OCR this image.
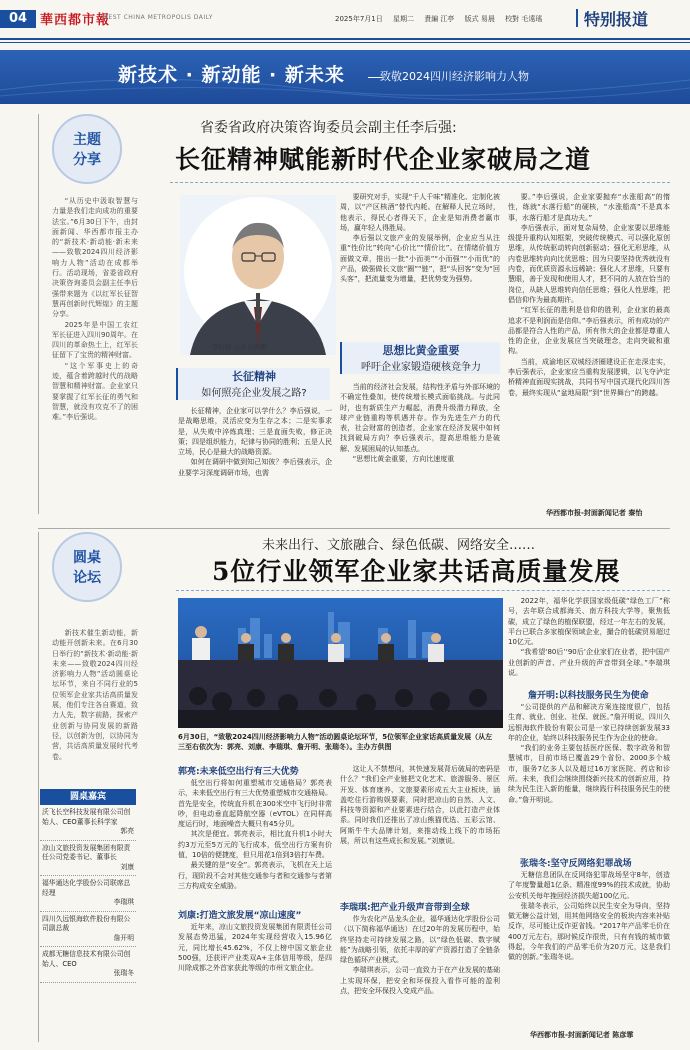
04 華西都市報
WEST CHINA METROPOLIS DAILY	2025年7月1日 星期二 責編 江亭 版式 易晨 校對 毛遠瑤	特别报道
新技术 · 新动能 · 新未来	致敬2024四川经济影响力人物
主题
分享
省委省政府决策咨询委员会副主任李后强:
长征精神赋能新时代企业家破局之道

“从历史中汲取智慧与力量是我们走向成功的重要法宝。”6月30日下午，由封面新闻、华西都市报主办的“新技术·新动能·新未来——致敬2024四川经济影响力人物”活动在成都举行。活动现场，省委省政府决策咨询委员会副主任李后强带来题为《以红军长征智慧再创新时代辉煌》的主题分享。

2025年是中国工农红军长征进入四川90周年。在四川的革命热土上，红军长征留下了宝贵的精神财富。

“这个军事史上的奇迹，蕴含着跨越时代的战略智慧和精神财富。企业家只要掌握了红军长征的勇气和智慧，就没有攻克不了的困难。”李后强说。

李后强 主办方供图
长征精神
如何照亮企业发展之路?

长征精神，企业家可以学什么？李后强说，一是战略思维，灵活应变为生存之本；二是实事求是，从失败中淬炼真理；三是直面失败，修正决策；四是组织能力，纪律与协同的胜利；五是人民立场，民心是最大的战略资源。

如何在调研中做到知己知彼？李后强表示，企业要学习深度调研市场，也需

要研究对手，实现“千人千味”精准化、定制化被周，以“产区核酒”替代内耗。在解释人民立场时，他表示，得民心者得天下，企业是知消费者赢市场，赢年轻人得胜局。

李后强以文旅产业的发展举例，企业应当从注重“性价比”转向“心价比”“情价比”。在情绪价值方面做文章，推出一批“小而美”“小而强”“小而优”的产品，做强做长文旅“圈”“链”，把“头回客”变为“回头客”，把流量变为增量，把优势变为强势。

思想比黄金重要
呼吁企业家锻造硬核竞争力

当前的经济社会发展，结构性矛盾与外部环境的不确定性叠加，使传统增长模式面临挑战。与此同时，也有新质生产力崛起，消费升级潜力释放，全球产业链重构等机遇并存。作为先进生产力的代表，社会财富的创造者，企业家在经济发展中如何找到破局方向？李后强表示，提高思维能力是破解、发展困局的认知基点。

“思想比黄金重要，方向比速度重

要。”李后强说，企业家要抛弃“水涨船高”的惰性，练就“水落行船”的硬核，“水涨船高”不是真本事，水落行船才是真功夫。”

李后强表示，面对复杂局势，企业家要以思维能级提升重构认知框架，突破传统模式、可以强化原创思维，从传统驱动转向创新驱动；强化无形思维，从内卷思维转向向比优思维；因为只要坚持优秀就没有内卷，而优质资源永远稀缺；强化人才思维，只要有慧眼，善于发现和使用人才，把不同的人放在恰当的岗位，从缺人思维转向信任思维；强化人性思维，把倡信仰作为最高期许。

“红军长征的胜利是信仰的胜利，企业家的最高追求不是利润而是信仰。”李后强表示，所有成功的产品都是符合人性的产品，所有伟大的企业都是尊重人性的企业，企业发展应当突破理念，走向突破和重构。

当前，成渝地区双城经济圈建设正在走深走实，李后强表示，企业家应当重构发展逻辑，以飞夺泸定桥精神直面现实挑战，共同书写中国式现代化四川答卷，最终实现从“盆地局限”到“世界舞台”的跨越。

华西都市报-封面新闻记者 秦怡
圆桌
论坛
未来出行、文旅融合、绿色低碳、网络安全……
5位行业领军企业家共话高质量发展

新技术催生新动能，新动能开创新未来。在6月30日举行的“新技术·新动能·新未来——致敬2024四川经济影响力人物”活动圆桌论坛环节，来自不同行业的5位领军企业家共话高质量发展，他们专注各自赛道，致力人先，数字前路，探索产业创新与协同发展的新路径，以创新为创，以协同为营，共话高质量发展时代考卷。

圆桌嘉宾
沃飞长空科技发展有限公司创始人、CEO董事长科学家
郭亮
凉山文旅投资发展集团有限责任公司党委书记、董事长
刘康
福华通达化学股份公司联席总经理
李瑞琪
四川久远银海软件股份有限公司副总裁
詹开明
成都无糖信息技术有限公司创始人、CEO
张瑞冬
6月30日，“致敬2024四川经济影响力人物”活动圆桌论坛环节，5位领军企业家话高质量发展（从左三至右依次为：郭亮、刘康、李瑞琪、詹开明、张瑞冬）。主办方供图
郭亮:未来低空出行有三大优势

低空出行将如何重塑城市交通格局？郭亮表示，未来低空出行有三大优势重塑城市交通格局。首先是安全，传统直升机在300米空中飞行时非常吵，但电动垂直起降航空器（eVTOL）在同样高度运行时，地面噪音大概只有45分贝。

其次是便宜。郭亮表示，相比直升机1小时大约3万元至5万元的飞行成本，低空出行方案有价值，10倍的便捷度，但只用花1倍到3倍打车费。

最关键的是“安全”。郭亮表示，飞机在天上运行，现阶段不会对其他交通参与者和交通参与者第三方构成安全威胁。

刘康:打造文旅发展“凉山速度”

近年来，凉山文旅投资发展集团有限责任公司发展态势迅猛，2024年实现经营收入15.96亿元，同比增长45.62%，不仅上榜中国文旅企业500强，还获评产业类双A+主体信用等级，是四川除成都之外首家获此等级的市州文旅企业。

这让人不禁想问，其快速发展背后破局的密码是什么？“我们全产业链把文化艺术、旅游服务、景区开发、体育康养、文旅要素形成五大主业板块，涵盖吃住行游购娱要素，同时把凉山的自然、人文、科技等资源和产业要素进行结合，以此打造产业体系。同时我们还推出了凉山熊猫优选、五彩云馆、阿斯牛牛大品牌计划，来推动线上线下的市场拓展，所以有这些成长和发展。”刘康说。

李瑞琪:把产业升级声音带到全球

作为农化产品龙头企业，福华通达化学股份公司（以下简称福华通达）在过20年的发展历程中，始终坚持走可持续发展之路，以“绿色低碳、数字赋能”为战略引领，依托丰厚的矿产资源打造了全链条绿色循环产业模式。

李瑞琪表示，公司一直致力于在产业发展的基础上实现环保，把安全和环保投入看作可能的盈利点，把安全环保投入变成产品。

2022年，福华化学获国家级低碳“绿色工厂”称号，去年联合成都海关、南方科技大学等，聚焦低碳，成立了绿色的植保联盟，经过一年左右的发展，平台已联合多家植保领域企业，撮合的低碳贸易超过10亿元。

“我希望‘80后’‘90后’企业家们在业者，把中国产业创新的声音、产业升级的声音带到全球。”李瑞琪说。

詹开明:以科技服务民生为使命

“公司提供的产品和解决方案连接度很广，包括生育、就业、创业、社保、就医。”詹开明说，四川久远银海软件股份有限公司是一家已持续创新发展33年的企业，始终以科技服务民生作为企业的使命。

“我们的业务主要包括医疗医保、数字政务和智慧城市，目前市场已覆盖29个省份、2000多个城市，服务7亿多人以及超过16万家医院、药店和诊所。未来，我们会继续围绕新兴技术的创新应用，持续为民生注入新的能量，继续践行科技服务民生的使命。”詹开明说。

张瑞冬:坚守反网络犯罪战场

无糖信息团队在反网络犯罪战场坚守8年，创造了年度警量超1亿条、精准度99%的技术成就，协助公安机关每年挽回经济损失超100亿元。

张瑞冬表示，公司始终以民生安全为导向，坚持做无糖公益计划，用其他网络安全的板块内容来补贴反诈，尽可能让反诈更省钱。“2017年产品零毛价在400万元左右，那时候反诈很贵，只有有钱的城市做得起，今年我们的产品零毛价为20万元，这是我们做的创新。”张瑞冬说。

华西都市报-封面新闻记者 陈彦霏
